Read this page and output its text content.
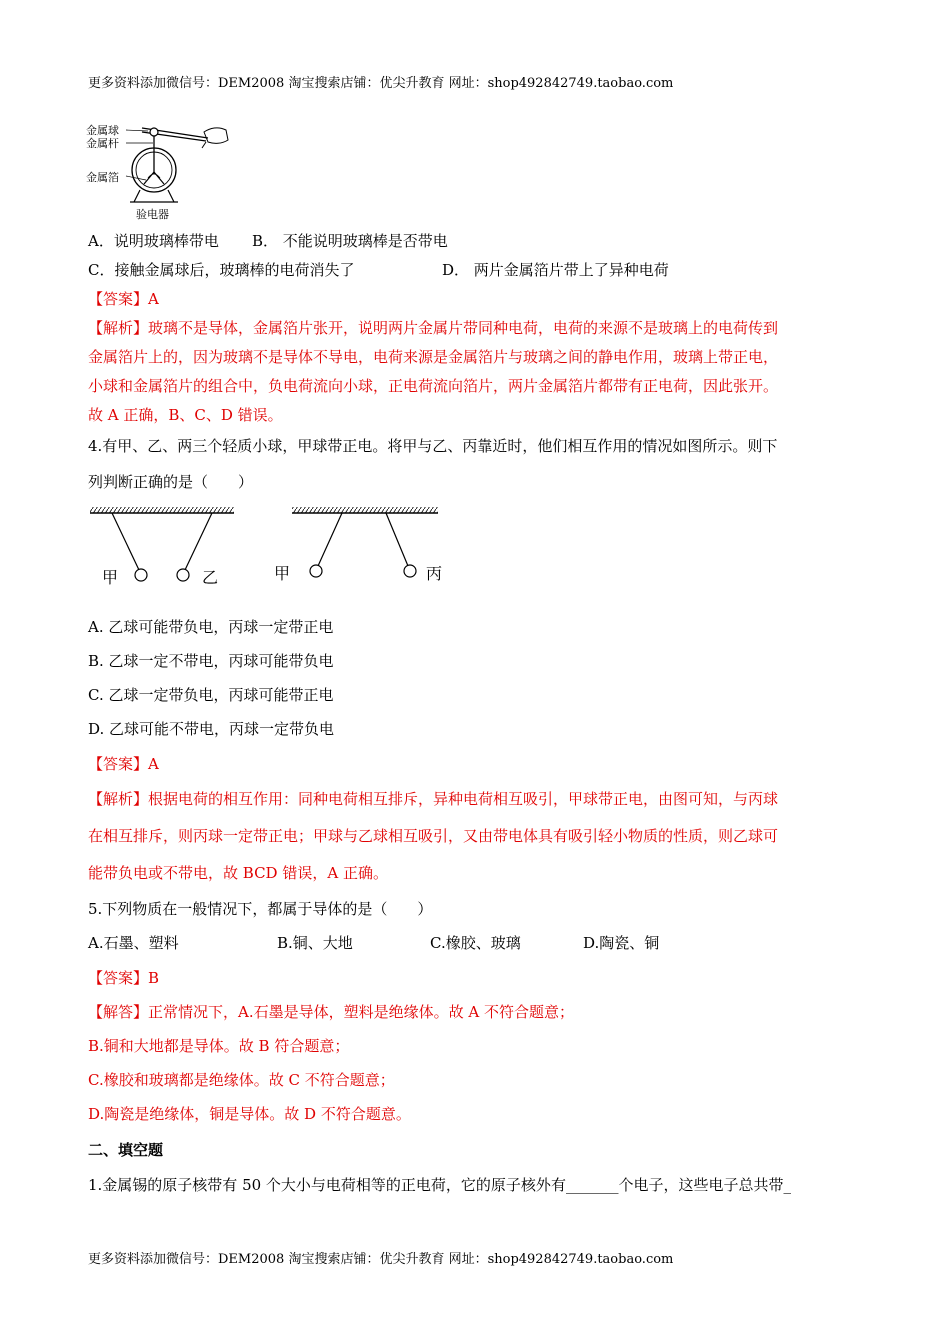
更多资料添加微信号：DEM2008 淘宝搜索店铺：优尖升教育 网址：shop492842749.taobao.com
金属球
金属杆
金属箔
验电器
A．说明玻璃棒带电 B． 不能说明玻璃棒是否带电
C．接触金属球后，玻璃棒的电荷消失了	D． 两片金属箔片带上了异种电荷
【答案】A
【解析】玻璃不是导体，金属箔片张开，说明两片金属片带同种电荷，电荷的来源不是玻璃上的电荷传到
金属箔片上的，因为玻璃不是导体不导电，电荷来源是金属箔片与玻璃之间的静电作用，玻璃上带正电，
小球和金属箔片的组合中，负电荷流向小球，正电荷流向箔片，两片金属箔片都带有正电荷，因此张开。
故 A 正确，B、C、D 错误。
4.有甲、乙、两三个轻质小球，甲球带正电。将甲与乙、丙靠近时，他们相互作用的情况如图所示。则下
列判断正确的是（　　）
甲	乙	甲	丙
A. 乙球可能带负电，丙球一定带正电
B. 乙球一定不带电，丙球可能带负电
C. 乙球一定带负电，丙球可能带正电
D. 乙球可能不带电，丙球一定带负电
【答案】A
【解析】根据电荷的相互作用：同种电荷相互排斥，异种电荷相互吸引，甲球带正电，由图可知，与丙球
在相互排斥，则丙球一定带正电；甲球与乙球相互吸引，又由带电体具有吸引轻小物质的性质，则乙球可
能带负电或不带电，故 BCD 错误，A 正确。
5.下列物质在一般情况下，都属于导体的是（　　）
A.石墨、塑料	B.铜、大地	C.橡胶、玻璃	D.陶瓷、铜
【答案】B
【解答】正常情况下，A.石墨是导体，塑料是绝缘体。故 A 不符合题意；
B.铜和大地都是导体。故 B 符合题意；
C.橡胶和玻璃都是绝缘体。故 C 不符合题意；
D.陶瓷是绝缘体，铜是导体。故 D 不符合题意。
二、填空题
1.金属锡的原子核带有 50 个大小与电荷相等的正电荷，它的原子核外有_______个电子，这些电子总共带_
更多资料添加微信号：DEM2008 淘宝搜索店铺：优尖升教育 网址：shop492842749.taobao.com
